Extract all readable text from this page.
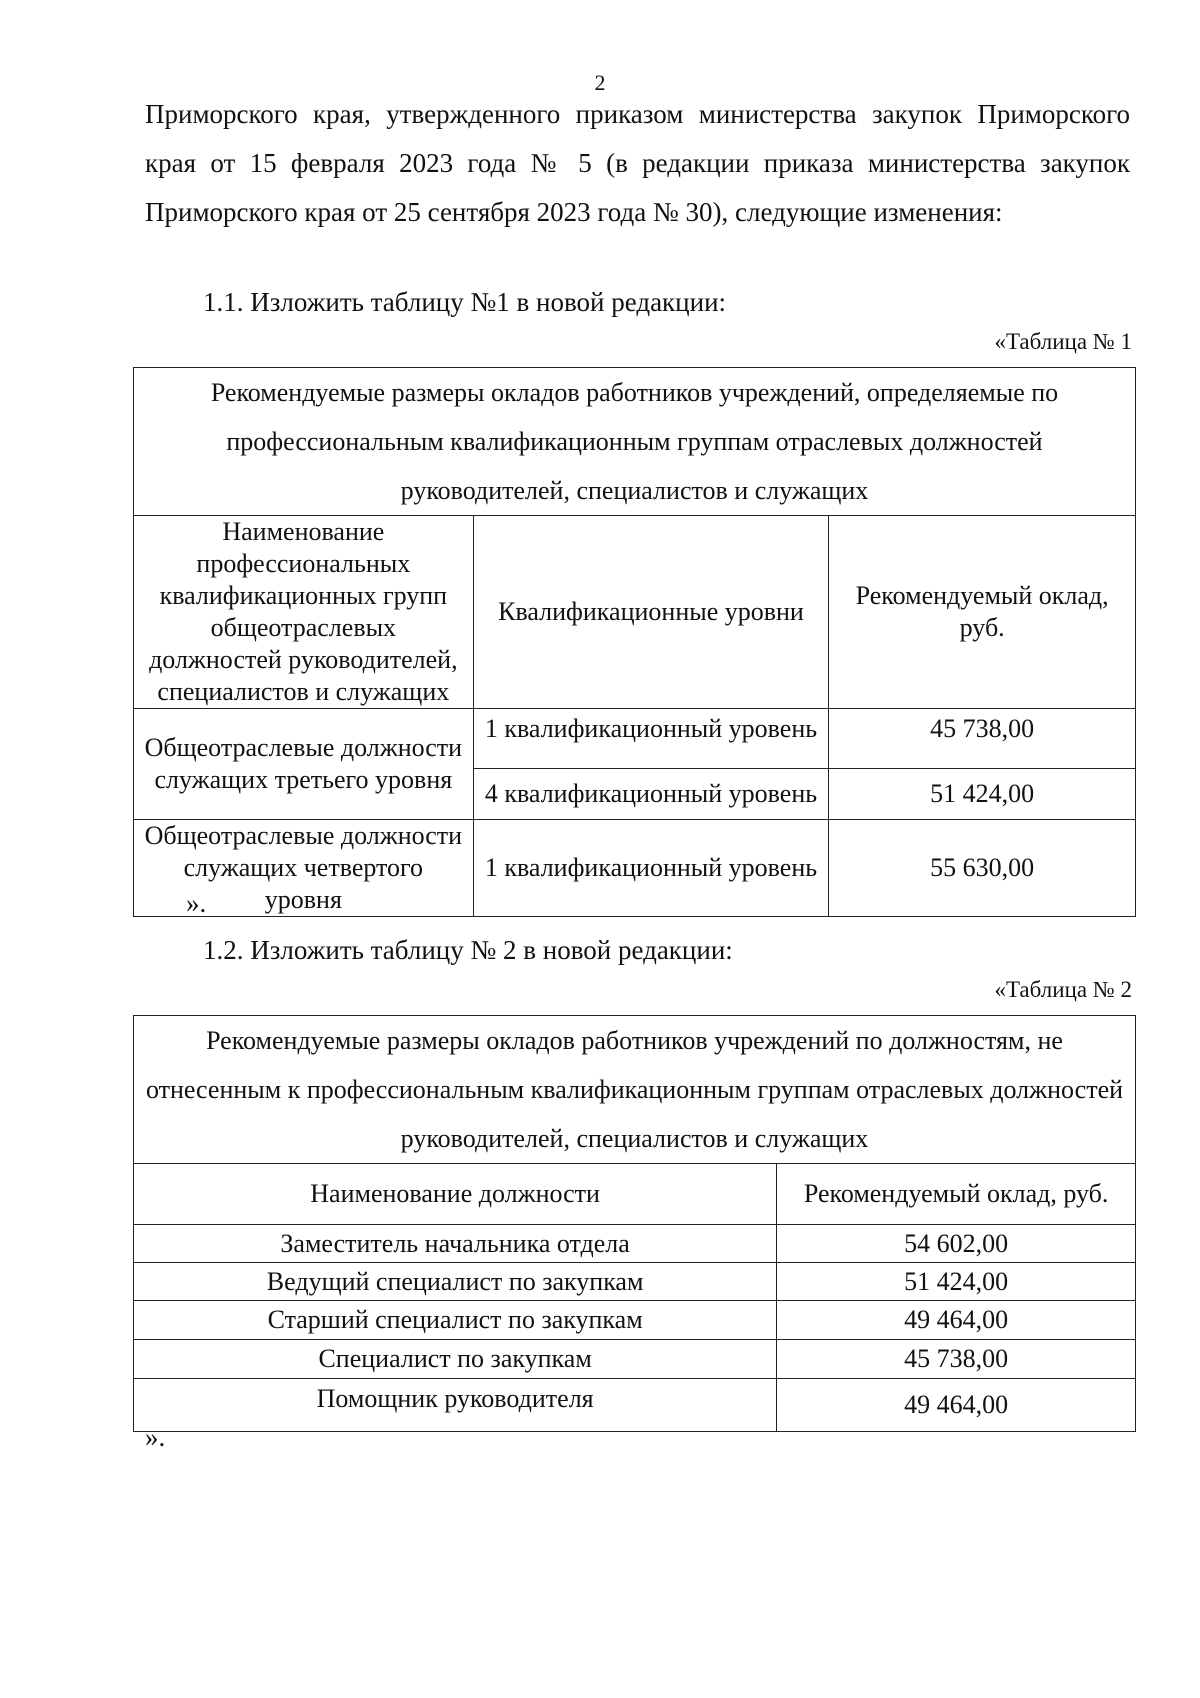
2
Приморского края, утвержденного приказом министерства закупок Приморского края от 15 февраля 2023 года № 5 (в редакции приказа министерства закупок Приморского края от 25 сентября 2023 года № 30), следующие изменения:
1.1. Изложить таблицу №1 в новой редакции:
«Таблица № 1
Рекомендуемые размеры окладов работников учреждений, определяемые по профессиональным квалификационным группам отраслевых должностей руководителей, специалистов и служащих		
Наименование профессиональных квалификационных групп общеотраслевых должностей руководителей, специалистов и служащих	Квалификационные уровни	Рекомендуемый оклад, руб.
Общеотраслевые должности служащих третьего уровня	1 квалификационный уровень	45 738,00
	4 квалификационный уровень	51 424,00
Общеотраслевые должности служащих четвертого уровня	1 квалификационный уровень	55 630,00
».
1.2. Изложить таблицу № 2 в новой редакции:
«Таблица № 2
Рекомендуемые размеры окладов работников учреждений по должностям, не отнесенным к профессиональным квалификационным группам отраслевых должностей руководителей, специалистов и служащих	
Наименование должности	Рекомендуемый оклад, руб.
Заместитель начальника отдела	54 602,00
Ведущий специалист по закупкам	51 424,00
Старший специалист по закупкам	49 464,00
Специалист по закупкам	45 738,00
Помощник руководителя	49 464,00
».
